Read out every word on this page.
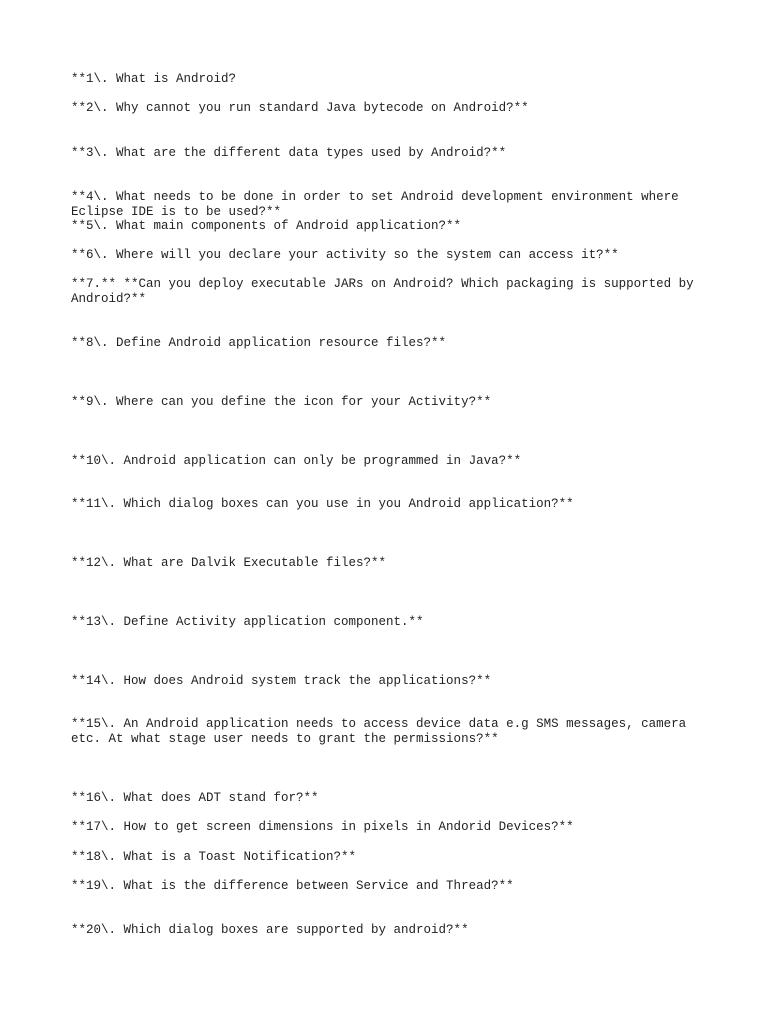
**1\. What is Android?

**2\. Why cannot you run standard Java bytecode on Android?**

**3\. What are the different data types used by Android?**

**4\. What needs to be done in order to set Android development environment where Eclipse IDE is to be used?**

**5\. What main components of Android application?**

**6\. Where will you declare your activity so the system can access it?**

**7.** **Can you deploy executable JARs on Android? Which packaging is supported by Android?**

**8\. Define Android application resource files?**

**9\. Where can you define the icon for your Activity?**

**10\. Android application can only be programmed in Java?**

**11\. Which dialog boxes can you use in you Android application?**

**12\. What are Dalvik Executable files?**

**13\. Define Activity application component.**

**14\. How does Android system track the applications?**

**15\. An Android application needs to access device data e.g SMS messages, camera etc. At what stage user needs to grant the permissions?**

**16\. What does ADT stand for?**

**17\. How to get screen dimensions in pixels in Andorid Devices?**

**18\. What is a Toast Notification?**

**19\. What is the difference between Service and Thread?**

**20\. Which dialog boxes are supported by android?**
